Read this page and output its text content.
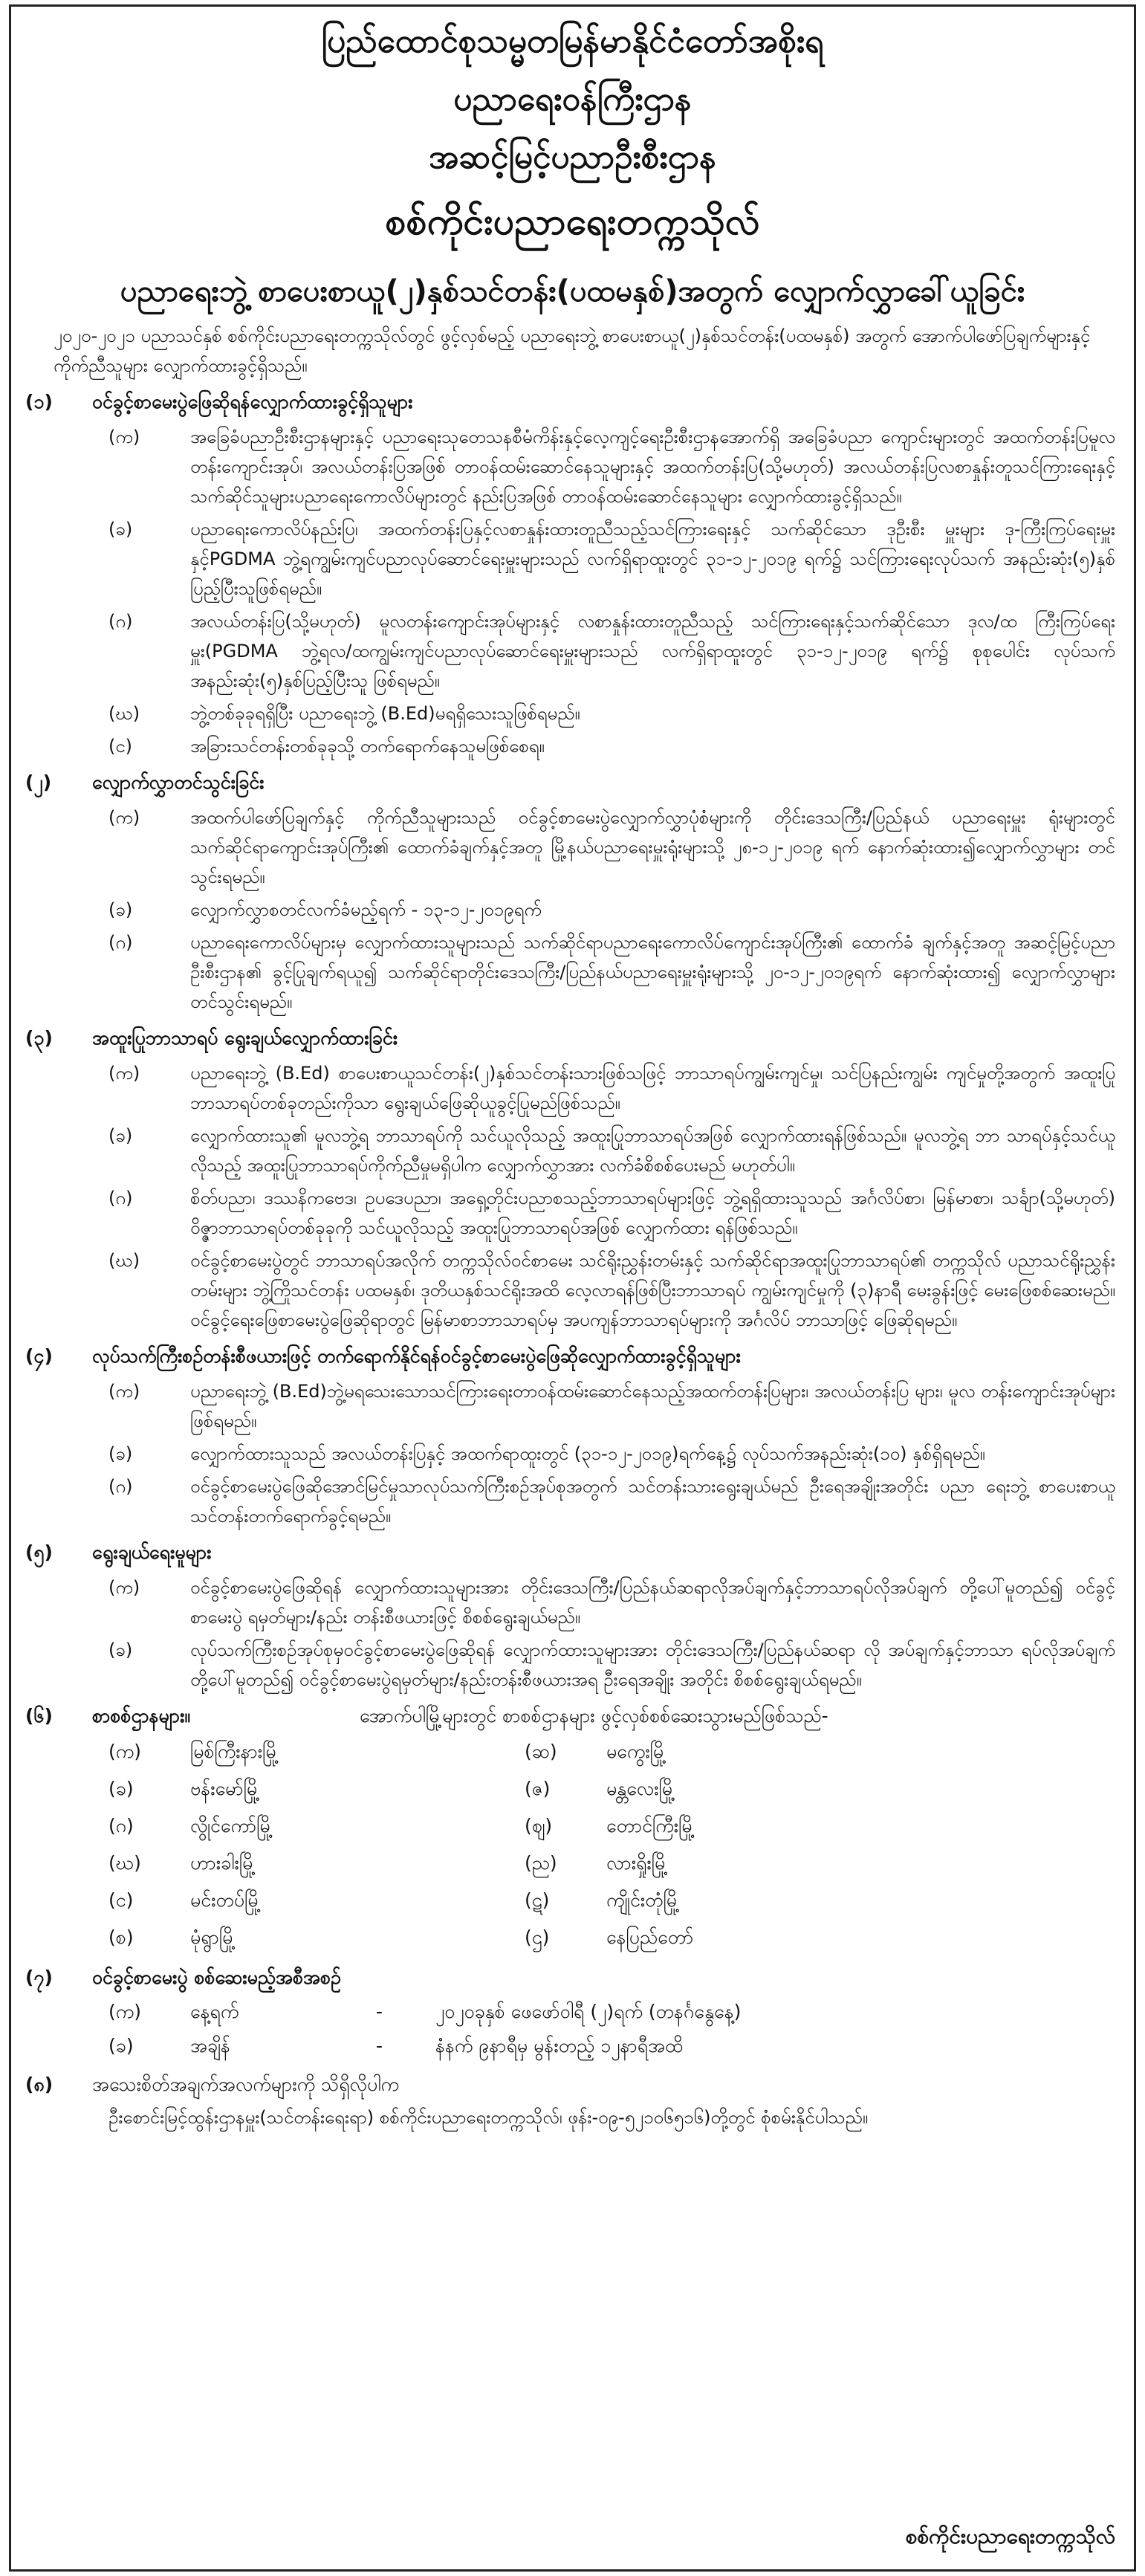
ပြည်ထောင်စုသမ္မတမြန်မာနိုင်ငံတော်အစိုးရ

ပညာရေးဝန်ကြီးဌာန

အဆင့်မြင့်ပညာဦးစီးဌာန

စစ်ကိုင်းပညာရေးတက္ကသိုလ်

ပညာရေးဘွဲ့ စာပေးစာယူ(၂)နှစ်သင်တန်း(ပထမနှစ်)အတွက် လျှောက်လွှာခေါ်ယူခြင်း

၂၀၂၀-၂၀၂၁ ပညာသင်နှစ် စစ်ကိုင်းပညာရေးတက္ကသိုလ်တွင် ဖွင့်လှစ်မည့် ပညာရေးဘွဲ့ စာပေးစာယူ(၂)နှစ်သင်တန်း(ပထမနှစ်) အတွက် အောက်ပါဖော်ပြချက်များနှင့် ကိုက်ညီသူများ လျှောက်ထားခွင့်ရှိသည်။

(၁)	ဝင်ခွင့်စာမေးပွဲဖြေဆိုရန်လျှောက်ထားခွင့်ရှိသူများ
(က)	အခြေခံပညာဦးစီးဌာနများနှင့် ပညာရေးသုတေသနစီမံကိန်းနှင့်လေ့ကျင့်ရေးဦးစီးဌာနအောက်ရှိ အခြေခံပညာ ကျောင်းများတွင် အထက်တန်းပြမူလတန်းကျောင်းအုပ်၊ အလယ်တန်းပြအဖြစ် တာဝန်ထမ်းဆောင်နေသူများနှင့် အထက်တန်းပြ(သို့မဟုတ်) အလယ်တန်းပြလစာနှုန်းတူသင်ကြားရေးနှင့်သက်ဆိုင်သူများပညာရေးကောလိပ်များတွင် နည်းပြအဖြစ် တာဝန်ထမ်းဆောင်နေသူများ လျှောက်ထားခွင့်ရှိသည်။
(ခ)	ပညာရေးကောလိပ်နည်းပြ၊ အထက်တန်းပြနှင့်လစာနှုန်းထားတူညီသည့်သင်ကြားရေးနှင့် သက်ဆိုင်သော ဒုဦးစီး မှူးများ ဒု-ကြီးကြပ်ရေးမှူးနှင့်PGDMA ဘွဲ့ရကျွမ်းကျင်ပညာလုပ်ဆောင်ရေးမှူးများသည် လက်ရှိရာထူးတွင် ၃၁-၁၂-၂၀၁၉ ရက်၌ သင်ကြားရေးလုပ်သက် အနည်းဆုံး(၅)နှစ်ပြည့်ပြီးသူဖြစ်ရမည်။
(ဂ)	အလယ်တန်းပြ(သို့မဟုတ်) မူလတန်းကျောင်းအုပ်များနှင့် လစာနှုန်းထားတူညီသည့် သင်ကြားရေးနှင့်သက်ဆိုင်သော ဒုလ/ထ ကြီးကြပ်ရေးမှူး(PGDMA ဘွဲ့ရလ/ထကျွမ်းကျင်ပညာလုပ်ဆောင်ရေးမှူးများသည် လက်ရှိရာထူးတွင် ၃၁-၁၂-၂၀၁၉ ရက်၌ စုစုပေါင်း လုပ်သက်အနည်းဆုံး(၅)နှစ်ပြည့်ပြီးသူ ဖြစ်ရမည်။
(ဃ)	ဘွဲ့တစ်ခုခုရရှိပြီး ပညာရေးဘွဲ့ (B.Ed)မရရှိသေးသူဖြစ်ရမည်။
(င)	အခြားသင်တန်းတစ်ခုခုသို့ တက်ရောက်နေသူမဖြစ်စေရ။
(၂)	လျှောက်လွှာတင်သွင်းခြင်း
(က)	အထက်ပါဖော်ပြချက်နှင့် ကိုက်ညီသူများသည် ဝင်ခွင့်စာမေးပွဲလျှောက်လွှာပုံစံများကို တိုင်းဒေသကြီး/ပြည်နယ် ပညာရေးမှူး ရုံးများတွင် သက်ဆိုင်ရာကျောင်းအုပ်ကြီး၏ ထောက်ခံချက်နှင့်အတူ မြို့နယ်ပညာရေးမှူးရုံးများသို့ ၂၈-၁၂-၂၀၁၉ ရက် နောက်ဆုံးထား၍လျှောက်လွှာများ တင်သွင်းရမည်။
(ခ)	လျှောက်လွှာစတင်လက်ခံမည့်ရက် - ၁၃-၁၂-၂၀၁၉ရက်
(ဂ)	ပညာရေးကောလိပ်များမှ လျှောက်ထားသူများသည် သက်ဆိုင်ရာပညာရေးကောလိပ်ကျောင်းအုပ်ကြီး၏ ထောက်ခံ ချက်နှင့်အတူ အဆင့်မြင့်ပညာဦးစီးဌာန၏ ခွင့်ပြုချက်ရယူ၍ သက်ဆိုင်ရာတိုင်းဒေသကြီး/ပြည်နယ်ပညာရေးမှူးရုံးများသို့ ၂၀-၁၂-၂၀၁၉ရက် နောက်ဆုံးထား၍ လျှောက်လွှာများတင်သွင်းရမည်။
(၃)	အထူးပြုဘာသာရပ် ရွေးချယ်လျှောက်ထားခြင်း
(က)	ပညာရေးဘွဲ့ (B.Ed) စာပေးစာယူသင်တန်း(၂)နှစ်သင်တန်းသားဖြစ်သဖြင့် ဘာသာရပ်ကျွမ်းကျင်မှု၊ သင်ပြနည်းကျွမ်း ကျင်မှုတို့အတွက် အထူးပြုဘာသာရပ်တစ်ခုတည်းကိုသာ ရွေးချယ်ဖြေဆိုယူခွင့်ပြုမည်ဖြစ်သည်။
(ခ)	လျှောက်ထားသူ၏ မူလဘွဲ့ရ ဘာသာရပ်ကို သင်ယူလိုသည့် အထူးပြုဘာသာရပ်အဖြစ် လျှောက်ထားရန်ဖြစ်သည်။ မူလဘွဲ့ရ ဘာ သာရပ်နှင့်သင်ယူလိုသည့် အထူးပြုဘာသာရပ်ကိုက်ညီမှုမရှိပါက လျှောက်လွှာအား လက်ခံစိစစ်ပေးမည် မဟုတ်ပါ။
(ဂ)	စိတ်ပညာ၊ ဒဿနိကဗေဒ၊ ဥပဒေပညာ၊ အရှေ့တိုင်းပညာစသည့်ဘာသာရပ်များဖြင့် ဘွဲ့ရရှိထားသူသည် အင်္ဂလိပ်စာ၊ မြန်မာစာ၊ သင်္ချာ(သို့မဟုတ်) ဝိဇ္ဇာဘာသာရပ်တစ်ခုခုကို သင်ယူလိုသည့် အထူးပြုဘာသာရပ်အဖြစ် လျှောက်ထား ရန်ဖြစ်သည်။
(ဃ)	ဝင်ခွင့်စာမေးပွဲတွင် ဘာသာရပ်အလိုက် တက္ကသိုလ်ဝင်စာမေး သင်ရိုးညွှန်းတမ်းနှင့် သက်ဆိုင်ရာအထူးပြုဘာသာရပ်၏ တက္ကသိုလ် ပညာသင်ရိုးညွှန်းတမ်းများ ဘွဲ့ကြိုသင်တန်း ပထမနှစ်၊ ဒုတိယနှစ်သင်ရိုးအထိ လေ့လာရန်ဖြစ်ပြီးဘာသာရပ် ကျွမ်းကျင်မှုကို (၃)နာရီ မေးခွန်းဖြင့် မေးဖြေစစ်ဆေးမည်။ ဝင်ခွင့်ရေးဖြေစာမေးပွဲဖြေဆိုရာတွင် မြန်မာစာဘာသာရပ်မှ အပကျန်ဘာသာရပ်များကို အင်္ဂလိပ် ဘာသာဖြင့် ဖြေဆိုရမည်။
(၄)	လုပ်သက်ကြီးစဉ်တန်းစီဖယားဖြင့် တက်ရောက်နိုင်ရန်ဝင်ခွင့်စာမေးပွဲဖြေဆိုလျှောက်ထားခွင့်ရှိသူများ
(က)	ပညာရေးဘွဲ့ (B.Ed)ဘွဲ့မရသေးသောသင်ကြားရေးတာဝန်ထမ်းဆောင်နေသည့်အထက်တန်းပြများ၊ အလယ်တန်းပြ များ၊ မူလ တန်းကျောင်းအုပ်များဖြစ်ရမည်။
(ခ)	လျှောက်ထားသူသည် အလယ်တန်းပြနှင့် အထက်ရာထူးတွင် (၃၁-၁၂-၂၀၁၉)ရက်နေ့၌ လုပ်သက်အနည်းဆုံး(၁၀) နှစ်ရှိရမည်။
(ဂ)	ဝင်ခွင့်စာမေးပွဲဖြေဆိုအောင်မြင်မှုသာလုပ်သက်ကြီးစဉ်အုပ်စုအတွက် သင်တန်းသားရွေးချယ်မည် ဦးရေအချိုးအတိုင်း ပညာ ရေးဘွဲ့ စာပေးစာယူသင်တန်းတက်ရောက်ခွင့်ရမည်။
(၅)	ရွေးချယ်ရေးမူများ
(က)	ဝင်ခွင့်စာမေးပွဲဖြေဆိုရန် လျှောက်ထားသူများအား တိုင်းဒေသကြီး/ပြည်နယ်ဆရာလိုအပ်ချက်နှင့်ဘာသာရပ်လိုအပ်ချက် တို့ပေါ်မူတည်၍ ဝင်ခွင့်စာမေးပွဲ ရမှတ်များ/နည်း တန်းစီဖယားဖြင့် စိစစ်ရွေးချယ်မည်။
(ခ)	လုပ်သက်ကြီးစဉ်အုပ်စုမှဝင်ခွင့်စာမေးပွဲဖြေဆိုရန် လျှောက်ထားသူများအား တိုင်းဒေသကြီး/ပြည်နယ်ဆရာ လို အပ်ချက်နှင့်ဘာသာ ရပ်လိုအပ်ချက်တို့ပေါ်မူတည်၍ ဝင်ခွင့်စာမေးပွဲရမှတ်များ/နည်းတန်းစီဖယားအရ ဦးရေအချိုး အတိုင်း စိစစ်ရွေးချယ်ရမည်။
(၆)	စာစစ်ဌာနများ။	အောက်ပါမြို့များတွင် စာစစ်ဌာနများ ဖွင့်လှစ်စစ်ဆေးသွားမည်ဖြစ်သည်-
(က)	မြစ်ကြီးနားမြို့	(ဆ)	မကွေးမြို့
(ခ)	ဗန်းမော်မြို့	(ဇ)	မန္တလေးမြို့
(ဂ)	လွိုင်ကော်မြို့	(ဈ)	တောင်ကြီးမြို့
(ဃ)	ဟားခါးမြို့	(ည)	လားရှိုးမြို့
(င)	မင်းတပ်မြို့	(ဋ)	ကျိုင်းတုံမြို့
(စ)	မုံရွာမြို့	(ဌ)	နေပြည်တော်
(၇)	ဝင်ခွင့်စာမေးပွဲ စစ်ဆေးမည့်အစီအစဉ်
(က)	နေ့ရက်	-	၂၀၂၀ခုနှစ် ဖေဖော်ဝါရီ (၂)ရက် (တနင်္ဂနွေနေ့)
(ခ)	အချိန်	-	နံနက် ၉နာရီမှ မွန်းတည့် ၁၂နာရီအထိ
(၈)	အသေးစိတ်အချက်အလက်များကို သိရှိလိုပါက
ဦးစောင်းမြင့်ထွန်းဌာနမှူး(သင်တန်းရေးရာ) စစ်ကိုင်းပညာရေးတက္ကသိုလ်၊ ဖုန်း-၀၉-၅၂၁၀၆၅၁၆)တို့တွင် စုံစမ်းနိုင်ပါသည်။
စစ်ကိုင်းပညာရေးတက္ကသိုလ်
